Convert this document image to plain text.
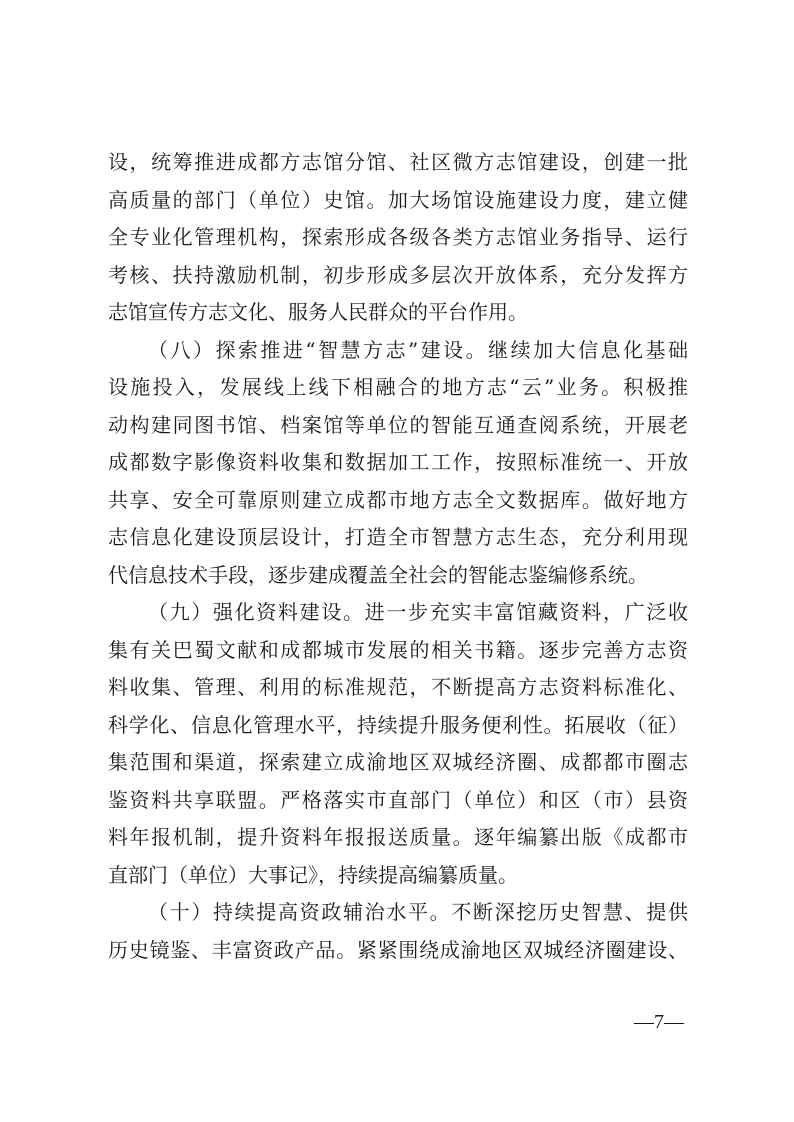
设，统筹推进成都方志馆分馆、社区微方志馆建设，创建一批
高质量的部门（单位）史馆。加大场馆设施建设力度，建立健
全专业化管理机构，探索形成各级各类方志馆业务指导、运行
考核、扶持激励机制，初步形成多层次开放体系，充分发挥方
志馆宣传方志文化、服务人民群众的平台作用。
（八）探索推进“智慧方志”建设。继续加大信息化基础
设施投入，发展线上线下相融合的地方志“云”业务。积极推
动构建同图书馆、档案馆等单位的智能互通查阅系统，开展老
成都数字影像资料收集和数据加工工作，按照标准统一、开放
共享、安全可靠原则建立成都市地方志全文数据库。做好地方
志信息化建设顶层设计，打造全市智慧方志生态，充分利用现
代信息技术手段，逐步建成覆盖全社会的智能志鉴编修系统。
（九）强化资料建设。进一步充实丰富馆藏资料，广泛收
集有关巴蜀文献和成都城市发展的相关书籍。逐步完善方志资
料收集、管理、利用的标准规范，不断提高方志资料标准化、
科学化、信息化管理水平，持续提升服务便利性。拓展收（征）
集范围和渠道，探索建立成渝地区双城经济圈、成都都市圈志
鉴资料共享联盟。严格落实市直部门（单位）和区（市）县资
料年报机制，提升资料年报报送质量。逐年编纂出版《成都市
直部门（单位）大事记》，持续提高编纂质量。
（十）持续提高资政辅治水平。不断深挖历史智慧、提供
历史镜鉴、丰富资政产品。紧紧围绕成渝地区双城经济圈建设、
—7—
